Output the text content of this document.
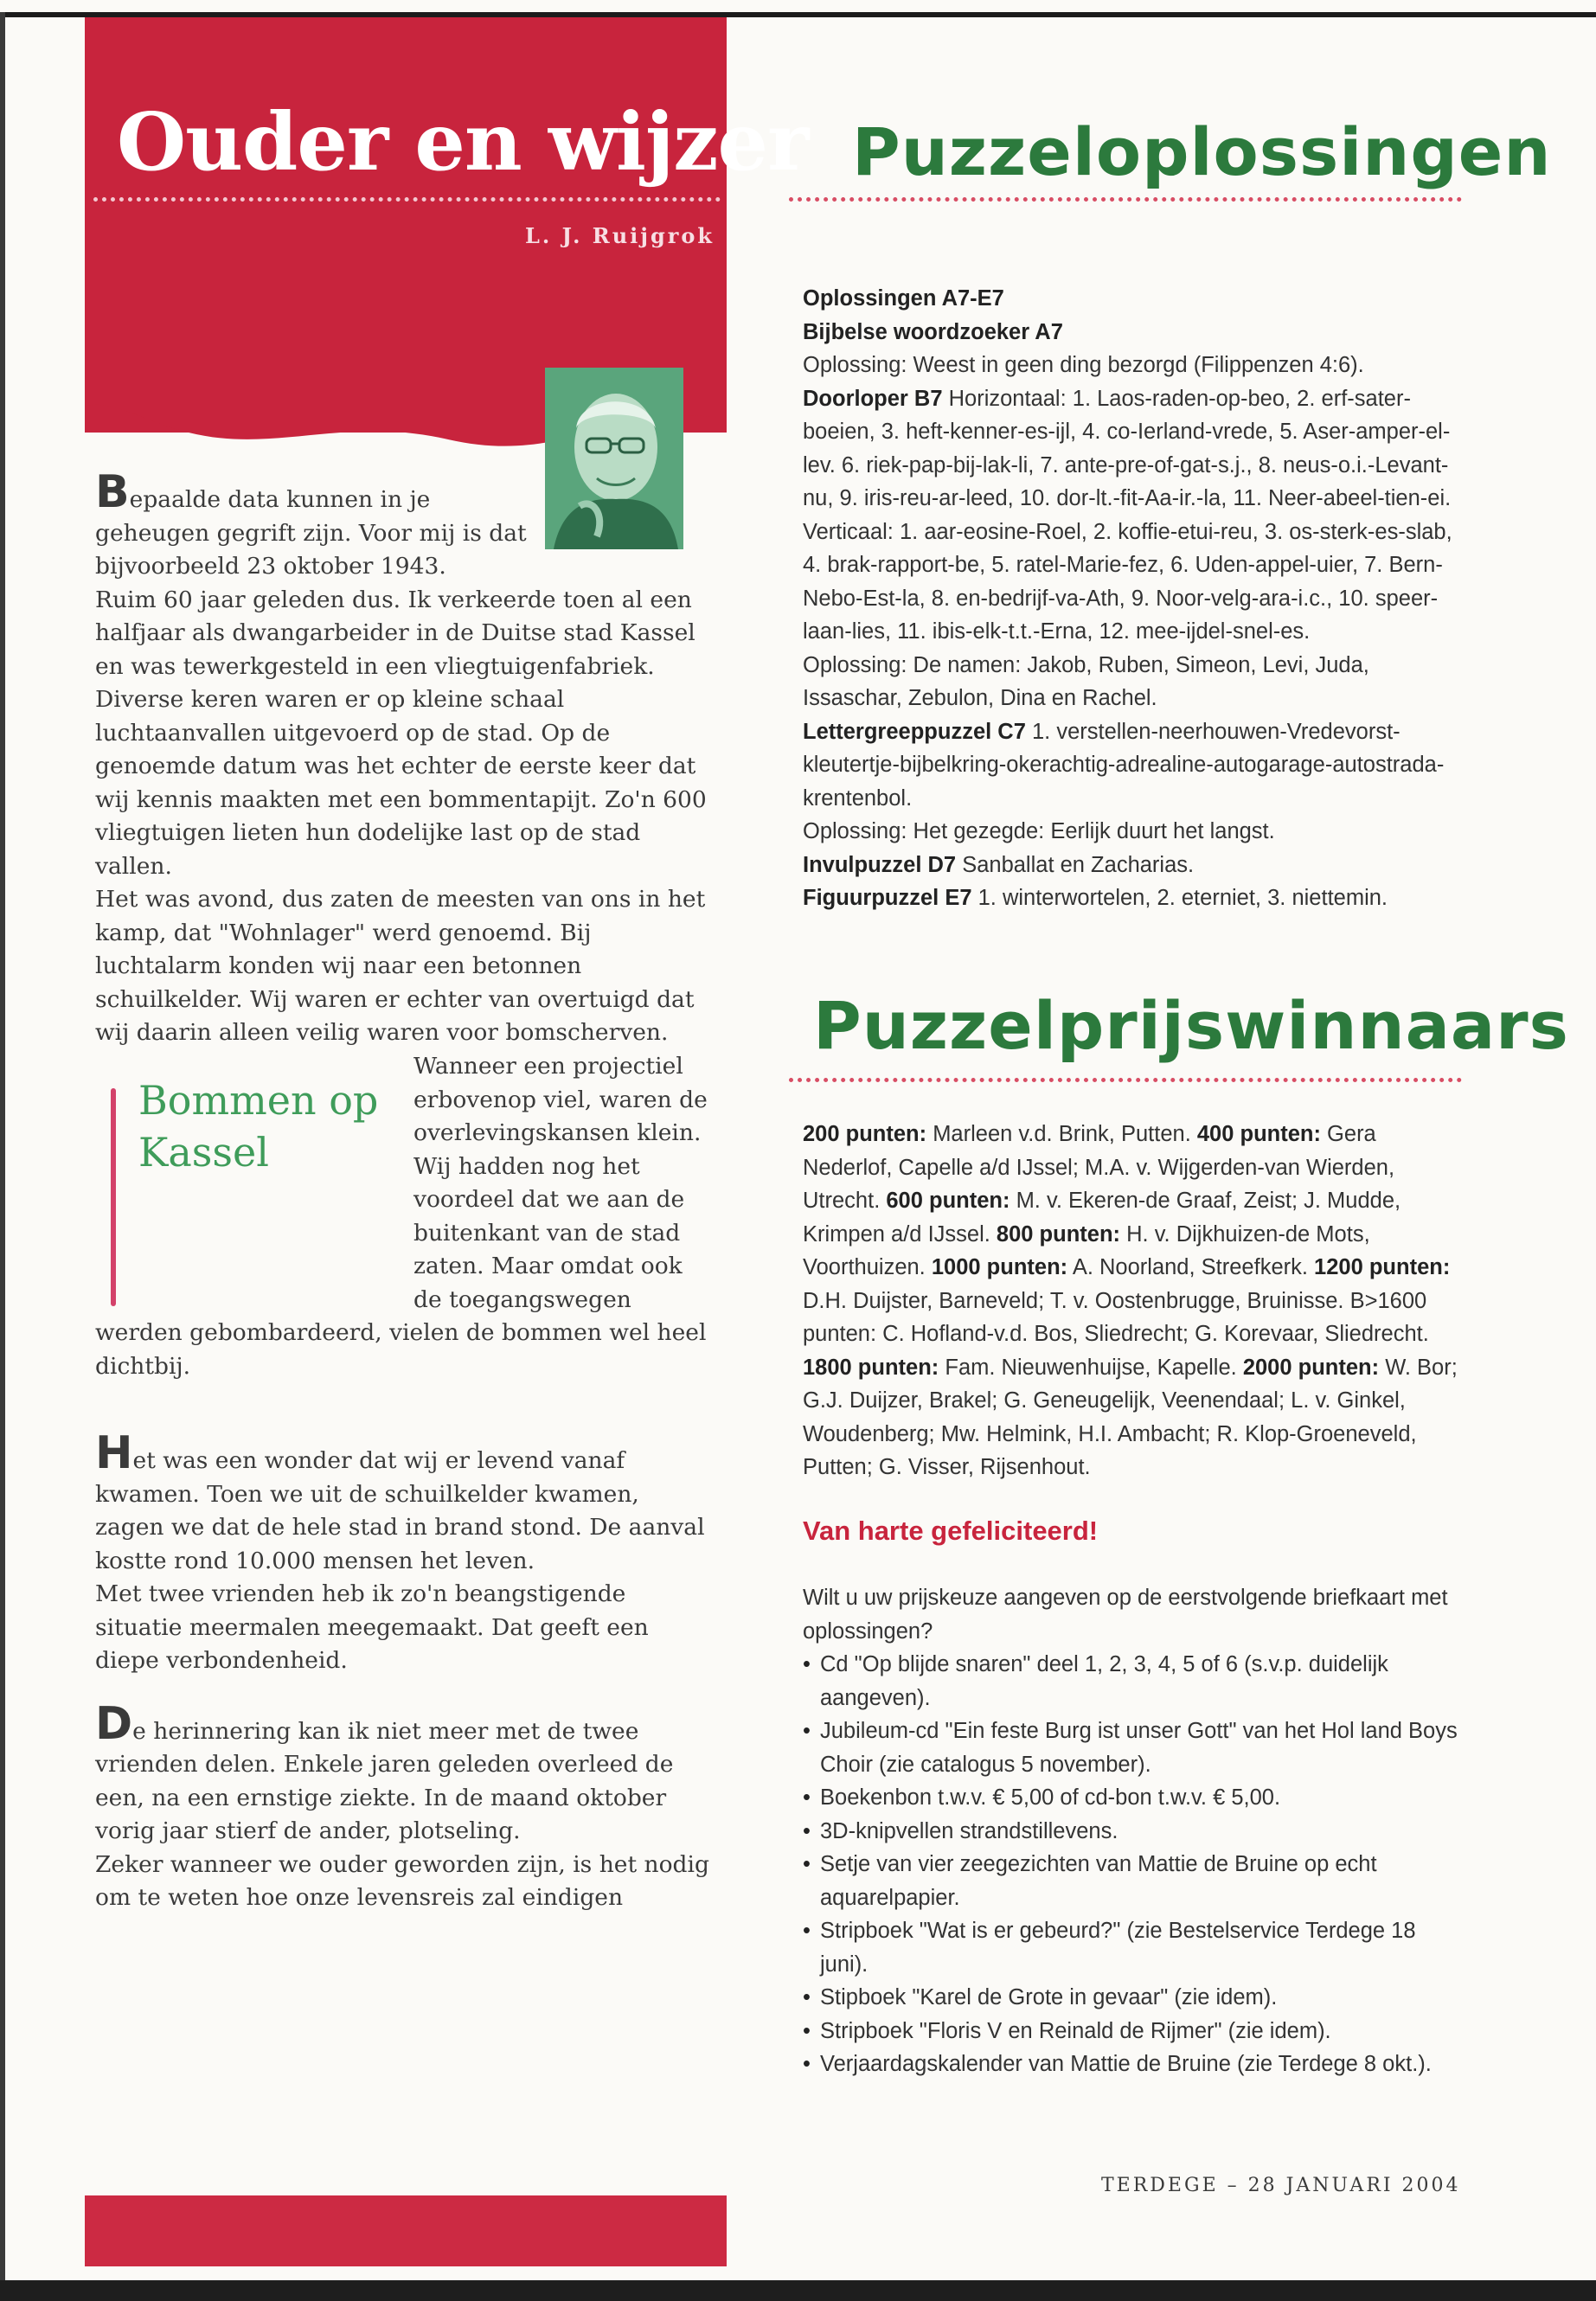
Ouder en wijzer
L. J. Ruijgrok

Bepaalde data kunnen in je geheugen gegrift zijn. Voor mij is dat bijvoorbeeld 23 oktober 1943.

Ruim 60 jaar geleden dus. Ik verkeerde toen al een halfjaar als dwangarbeider in de Duitse stad Kassel en was tewerkgesteld in een vliegtuigenfabriek. Diverse keren waren er op kleine schaal luchtaanvallen uitgevoerd op de stad. Op de genoemde datum was het echter de eerste keer dat wij kennis maakten met een bommentapijt. Zo'n 600 vliegtuigen lieten hun dodelijke last op de stad vallen.

Het was avond, dus zaten de meesten van ons in het kamp, dat "Wohnlager" werd genoemd. Bij luchtalarm konden wij naar een betonnen schuilkelder. Wij waren er echter van overtuigd dat wij daarin alleen veilig waren voor bomscherven.

Bommen op Kassel
Wanneer een projectiel erbovenop viel, waren de overlevingskansen klein. Wij hadden nog het voordeel dat we aan de buitenkant van de stad zaten. Maar omdat ook de toegangswegen

werden gebombardeerd, vielen de bommen wel heel dichtbij.

Het was een wonder dat wij er levend vanaf kwamen. Toen we uit de schuilkelder kwamen, zagen we dat de hele stad in brand stond. De aanval kostte rond 10.000 mensen het leven.

Met twee vrienden heb ik zo'n beangstigende situatie meermalen meegemaakt. Dat geeft een diepe verbondenheid.

De herinnering kan ik niet meer met de twee vrienden delen. Enkele jaren geleden overleed de een, na een ernstige ziekte. In de maand oktober vorig jaar stierf de ander, plotseling.

Zeker wanneer we ouder geworden zijn, is het nodig om te weten hoe onze levensreis zal eindigen

Puzzeloplossingen

Oplossingen A7-E7

Bijbelse woordzoeker A7

Oplossing: Weest in geen ding bezorgd (Filippenzen 4:6).

Doorloper B7 Horizontaal: 1. Laos-raden-op-beo, 2. erf-sater-boeien, 3. heft-kenner-es-ijl, 4. co-Ierland-vrede, 5. Aser-amper-el-lev. 6. riek-pap-bij-lak-li, 7. ante-pre-of-gat-s.j., 8. neus-o.i.-Levant-nu, 9. iris-reu-ar-leed, 10. dor-lt.-fit-Aa-ir.-la, 11. Neer-abeel-tien-ei.

Verticaal: 1. aar-eosine-Roel, 2. koffie-etui-reu, 3. os-sterk-es-slab, 4. brak-rapport-be, 5. ratel-Marie-fez, 6. Uden-appel-uier, 7. Bern-Nebo-Est-la, 8. en-bedrijf-va-Ath, 9. Noor-velg-ara-i.c., 10. speer-laan-lies, 11. ibis-elk-t.t.-Erna, 12. mee-ijdel-snel-es.

Oplossing: De namen: Jakob, Ruben, Simeon, Levi, Juda, Issaschar, Zebulon, Dina en Rachel.

Lettergreeppuzzel C7 1. verstellen-neerhouwen-Vredevorst-kleutertje-bijbelkring-okerachtig-adrealine-autogarage-autostrada-krentenbol.

Oplossing: Het gezegde: Eerlijk duurt het langst.

Invulpuzzel D7 Sanballat en Zacharias.

Figuurpuzzel E7 1. winterwortelen, 2. eterniet, 3. niettemin.

Puzzelprijswinnaars

200 punten: Marleen v.d. Brink, Putten. 400 punten: Gera Nederlof, Capelle a/d IJssel; M.A. v. Wijgerden-van Wierden, Utrecht. 600 punten: M. v. Ekeren-de Graaf, Zeist; J. Mudde, Krimpen a/d IJssel. 800 punten: H. v. Dijkhuizen-de Mots, Voorthuizen. 1000 punten: A. Noorland, Streefkerk. 1200 punten: D.H. Duijster, Barneveld; T. v. Oostenbrugge, Bruinisse. B>1600 punten: C. Hofland-v.d. Bos, Sliedrecht; G. Korevaar, Sliedrecht. 1800 punten: Fam. Nieuwenhuijse, Kapelle. 2000 punten: W. Bor; G.J. Duijzer, Brakel; G. Geneugelijk, Veenendaal; L. v. Ginkel, Woudenberg; Mw. Helmink, H.I. Ambacht; R. Klop-Groeneveld, Putten; G. Visser, Rijsenhout.

Van harte gefeliciteerd!

Wilt u uw prijskeuze aangeven op de eerstvolgende briefkaart met oplossingen?

• Cd "Op blijde snaren" deel 1, 2, 3, 4, 5 of 6 (s.v.p. duidelijk aangeven).
• Jubileum-cd "Ein feste Burg ist unser Gott" van het Hol land Boys Choir (zie catalogus 5 november).
• Boekenbon t.w.v. € 5,00 of cd-bon t.w.v. € 5,00.
• 3D-knipvellen strandstillevens.
• Setje van vier zeegezichten van Mattie de Bruine op echt aquarelpapier.
• Stripboek "Wat is er gebeurd?" (zie Bestelservice Terdege 18 juni).
• Stipboek "Karel de Grote in gevaar" (zie idem).
• Stripboek "Floris V en Reinald de Rijmer" (zie idem).
• Verjaardagskalender van Mattie de Bruine (zie Terdege 8 okt.).
TERDEGE – 28 JANUARI 2004
